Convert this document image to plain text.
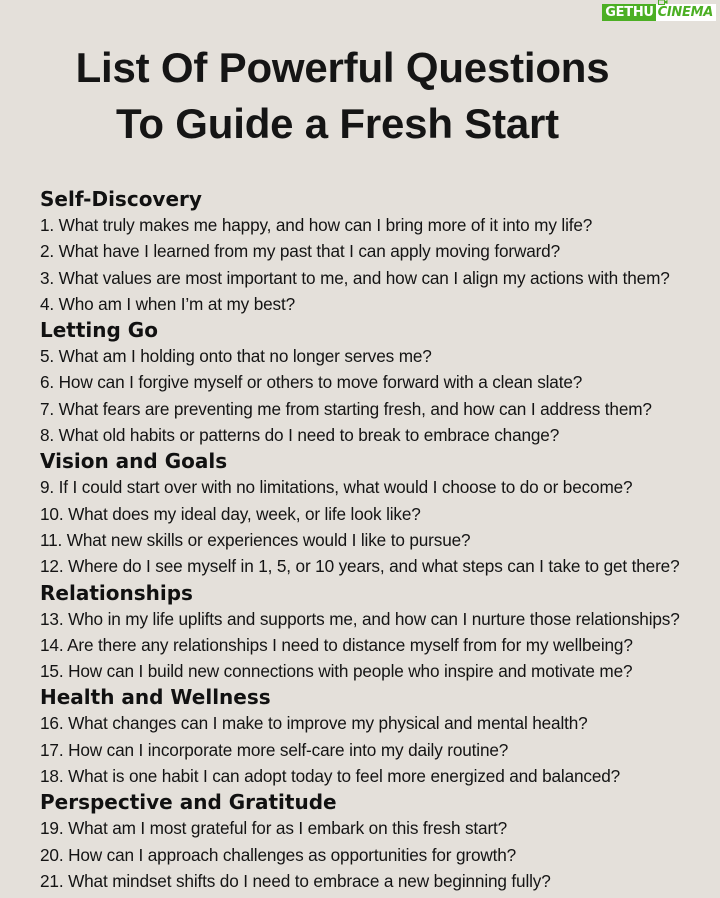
GETHU CINEMA
List Of Powerful Questions
To Guide a Fresh Start
Self-Discovery
1. What truly makes me happy, and how can I bring more of it into my life?
2. What have I learned from my past that I can apply moving forward?
3. What values are most important to me, and how can I align my actions with them?
4. Who am I when I’m at my best?
Letting Go
5. What am I holding onto that no longer serves me?
6. How can I forgive myself or others to move forward with a clean slate?
7. What fears are preventing me from starting fresh, and how can I address them?
8. What old habits or patterns do I need to break to embrace change?
Vision and Goals
9. If I could start over with no limitations, what would I choose to do or become?
10. What does my ideal day, week, or life look like?
11. What new skills or experiences would I like to pursue?
12. Where do I see myself in 1, 5, or 10 years, and what steps can I take to get there?
Relationships
13. Who in my life uplifts and supports me, and how can I nurture those relationships?
14. Are there any relationships I need to distance myself from for my wellbeing?
15. How can I build new connections with people who inspire and motivate me?
Health and Wellness
16. What changes can I make to improve my physical and mental health?
17. How can I incorporate more self-care into my daily routine?
18. What is one habit I can adopt today to feel more energized and balanced?
Perspective and Gratitude
19. What am I most grateful for as I embark on this fresh start?
20. How can I approach challenges as opportunities for growth?
21. What mindset shifts do I need to embrace a new beginning fully?
